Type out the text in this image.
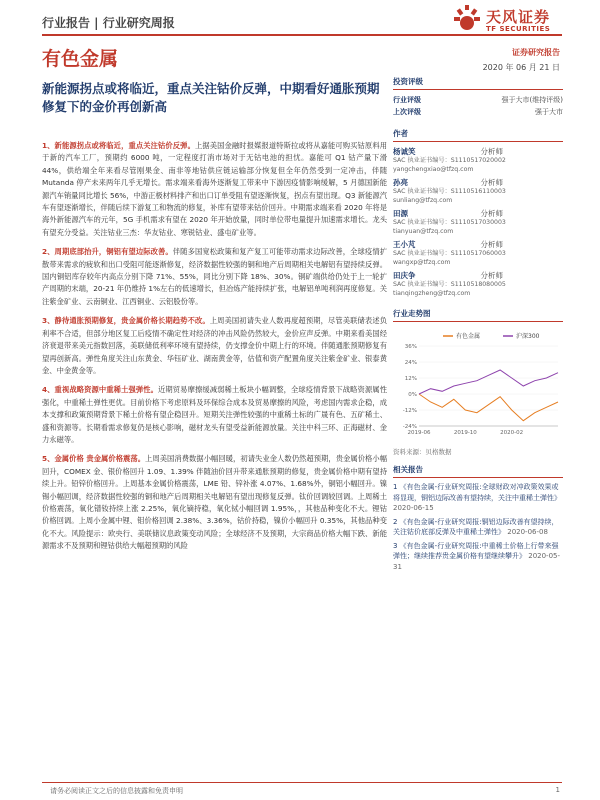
行业报告 | 行业研究周报	天风证券
TF SECURITIES
有色金属	证券研究报告
2020 年 06 月 21 日
新能源拐点或将临近，重点关注钴价反弹，中期看好通胀预期修复下的金价再创新高

1、新能源拐点或将临近，重点关注钴价反弹。上据美国金融时报媒报道特斯拉或将从嘉能可购买钴原料用于新的汽车工厂，预期约 6000 吨，一定程度打消市场对于无钴电池的担忧。嘉能可 Q1 钴产量下滑 44%，供给端全年来看尽管刚果金、南非等地钴供应链运输部分恢复但全年仍然受到一定冲击，伴随 Mutanda 停产未来两年几乎无增长。需求端来看海外逐渐复工带来中下游因疫情影响缓解，5 月德国新能源汽车销量同比增长 56%，中游正极材料排产和出口订单受阻有望逐渐恢复，拐点有望出现。Q3 新能源汽车有望逐渐增长，伴随后续下游复工和物流的修复，补库有望带来钴价回升。中期需求端来看 2020 年将是海外新能源汽车的元年，5G 手机需求有望在 2020 年开始放量，同时单位带电量提升加速需求增长。龙头有望充分受益。关注钴业三杰：华友钴业、寒锐钴业、盛屯矿业等。

2、周期底部抬升，铜铝有望边际改善。伴随多国宽松政策和复产复工可能带动需求边际改善，全球疫情扩散带来需求的疲软和出口受阻可能逐渐修复，经济数据性较强的铜和地产后周期相关电解铝有望持续反弹。国内铜铝库存较年内高点分别下降 71%、55%，同比分别下降 18%、30%。铜矿端供给仍处于上一轮扩产周期的末端，20-21 年仍维持 1%左右的低速增长，但冶炼产能持续扩张，电解铝单吨利润再度修复。关注紫金矿业、云南铜业、江西铜业、云铝股份等。

3、静待通胀预期修复，贵金属价格长期趋势不改。上周美国初请失业人数再度超预期，尽管美联储表述负利率不合适，但部分地区复工后疫情不确定性对经济的冲击风险仍然较大，金价应声反弹。中期来看美国经济衰退带来美元指数回落，美联储低利率环境有望持续，仍支撑金价中期上行的环境。伴随通胀预期修复有望再创新高。弹性角度关注山东黄金、华钰矿业、湖南黄金等，估值和资产配置角度关注紫金矿业、银泰黄金、中金黄金等。

4、重视战略资源中重稀土强弹性。近期贸易摩擦缓减弱稀土板块小幅调整，全球疫情背景下战略资源属性强化，中重稀土弹性更优。目前价格下考虑原料及环保综合成本及贸易摩擦的风险，考虑国内需求企稳，成本支撑和政策预期背景下稀土价格有望企稳回升。短期关注弹性较强的中重稀土标的广晟有色、五矿稀土、盛和资源等。长期看需求修复仍是核心影响，磁材龙头有望受益新能源放量。关注中科三环、正海磁材、金力永磁等。

5、金属价格 贵金属价格震荡。上周美国消费数据小幅回暖，初请失业金人数仍然超预期，贵金属价格小幅回升，COMEX 金、银价格回升 1.09、1.39% 伴随油价回升带来通胀预期的修复，贵金属价格中期有望持续上升。铅锌价格回升。上周基本金属价格震荡，LME 铅、锌补涨 4.07%、1.68%外，铜铝小幅回升。镍锡小幅回调，经济数据性较强的铜和地产后周期相关电解铝有望出现修复反弹。钛价回调较回调。上周稀土价格震荡，氧化镨钕持续上涨 2.25%，氧化镝持稳，氧化铽小幅回调 1.95%，，其他品种变化不大。锂钴价格回调。上周小金属中锂、钼价格回调 2.38%、3.36%，钴价持稳，镍价小幅回升 0.35%，其他品种变化不大。风险提示：欧央行、美联储议息政策变动风险；全球经济不及预期，大宗商品价格大幅下跌、新能源需求不及预期和锂钴供给大幅超预期的风险

投资评级
行业评级	强于大市(维持评级)
上次评级	强于大市
作者
杨诚笑	分析师
SAC 执业证书编号：S1110517020002
yangchengxiao@tfzq.com
孙亮	分析师
SAC 执业证书编号：S1110516110003
sunliang@tfzq.com
田源	分析师
SAC 执业证书编号：S1110517030003
tianyuan@tfzq.com
王小芃	分析师
SAC 执业证书编号：S1110517060003
wangxp@tfzq.com
田庆争	分析师
SAC 执业证书编号：S1110518080005
tianqingzheng@tfzq.com
行业走势图
36%
24%
12%
0%
-12%
-24%
2019-06	2019-10	2020-02
有色金属	沪深300
资料来源：贝格数据
相关报告
1 《有色金属-行业研究周报:全球财政对冲政策效果或将显现，铜铝边际改善有望持续，关注中重稀土弹性》 2020-06-15
2 《有色金属-行业研究周报:铜铝边际改善有望持续，关注钴价底部反弹及中重稀土弹性》 2020-06-08
3 《有色金属-行业研究周报:中重稀土价格上行带来强弹性；继续推荐贵金属价格有望继续攀升》 2020-05-31
请务必阅读正文之后的信息披露和免责申明	1
